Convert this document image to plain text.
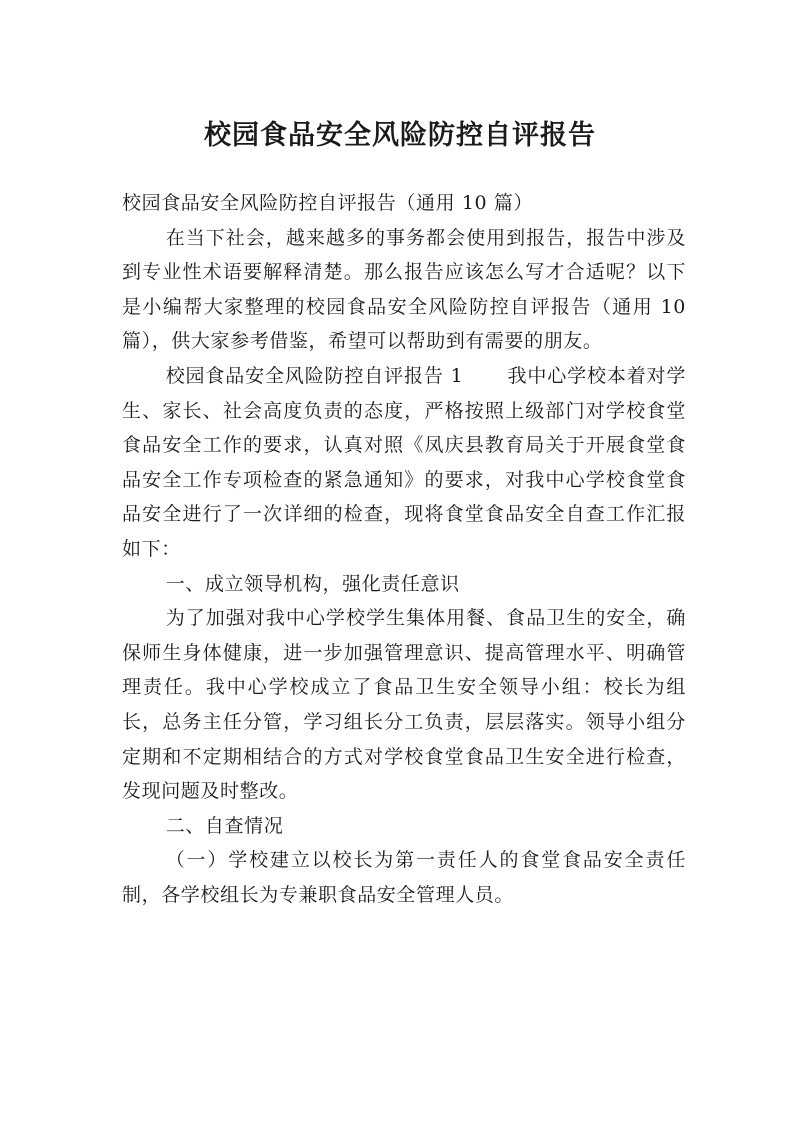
校园食品安全风险防控自评报告

校园食品安全风险防控自评报告（通用 10 篇）

在当下社会，越来越多的事务都会使用到报告，报告中涉及到专业性术语要解释清楚。那么报告应该怎么写才合适呢？以下是小编帮大家整理的校园食品安全风险防控自评报告（通用 10 篇），供大家参考借鉴，希望可以帮助到有需要的朋友。

校园食品安全风险防控自评报告 1 我中心学校本着对学生、家长、社会高度负责的态度，严格按照上级部门对学校食堂食品安全工作的要求，认真对照《凤庆县教育局关于开展食堂食品安全工作专项检查的紧急通知》的要求，对我中心学校食堂食品安全进行了一次详细的检查，现将食堂食品安全自查工作汇报如下：

一、成立领导机构，强化责任意识

为了加强对我中心学校学生集体用餐、食品卫生的安全，确保师生身体健康，进一步加强管理意识、提高管理水平、明确管理责任。我中心学校成立了食品卫生安全领导小组：校长为组长，总务主任分管，学习组长分工负责，层层落实。领导小组分定期和不定期相结合的方式对学校食堂食品卫生安全进行检查，发现问题及时整改。

二、自查情况

（一）学校建立以校长为第一责任人的食堂食品安全责任制，各学校组长为专兼职食品安全管理人员。
